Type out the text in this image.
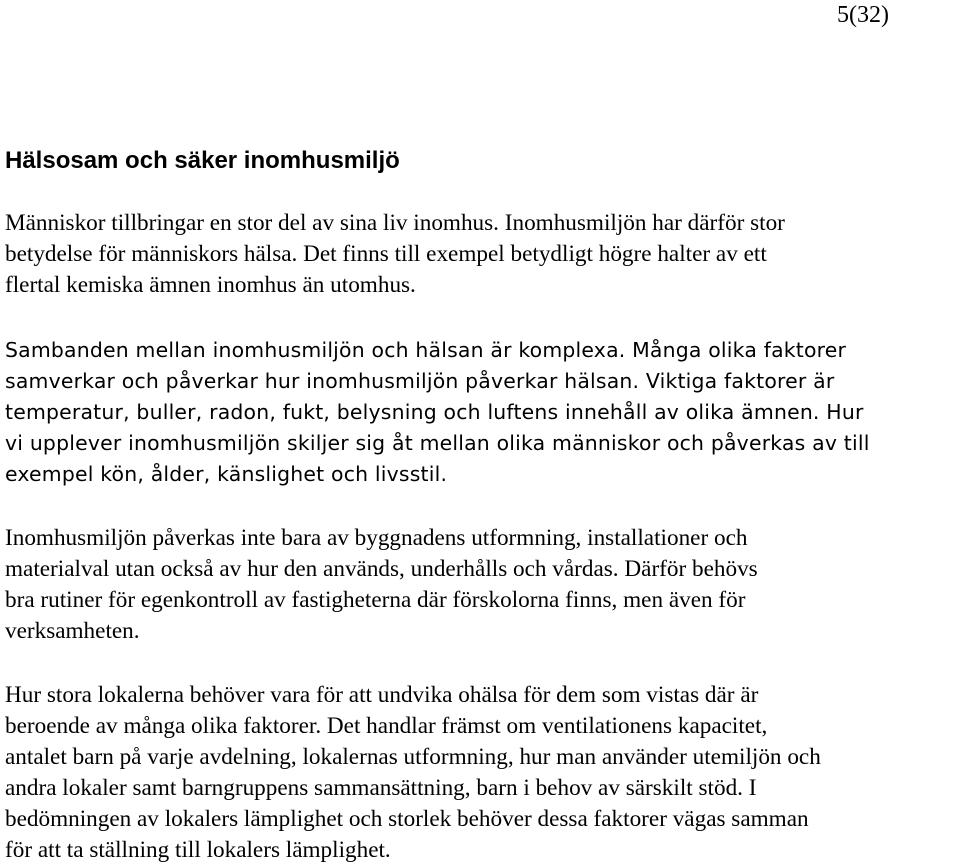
5(32)
Hälsosam och säker inomhusmiljö

Människor tillbringar en stor del av sina liv inomhus. Inomhusmiljön har därför stor
betydelse för människors hälsa. Det finns till exempel betydligt högre halter av ett
flertal kemiska ämnen inomhus än utomhus.

Sambanden mellan inomhusmiljön och hälsan är komplexa. Många olika faktorer
samverkar och påverkar hur inomhusmiljön påverkar hälsan. Viktiga faktorer är
temperatur, buller, radon, fukt, belysning och luftens innehåll av olika ämnen. Hur
vi upplever inomhusmiljön skiljer sig åt mellan olika människor och påverkas av till
exempel kön, ålder, känslighet och livsstil.

Inomhusmiljön påverkas inte bara av byggnadens utformning, installationer och
materialval utan också av hur den används, underhålls och vårdas. Därför behövs
bra rutiner för egenkontroll av fastigheterna där förskolorna finns, men även för
verksamheten.

Hur stora lokalerna behöver vara för att undvika ohälsa för dem som vistas där är
beroende av många olika faktorer. Det handlar främst om ventilationens kapacitet,
antalet barn på varje avdelning, lokalernas utformning, hur man använder utemiljön och
andra lokaler samt barngruppens sammansättning, barn i behov av särskilt stöd. I
bedömningen av lokalers lämplighet och storlek behöver dessa faktorer vägas samman
för att ta ställning till lokalers lämplighet.
